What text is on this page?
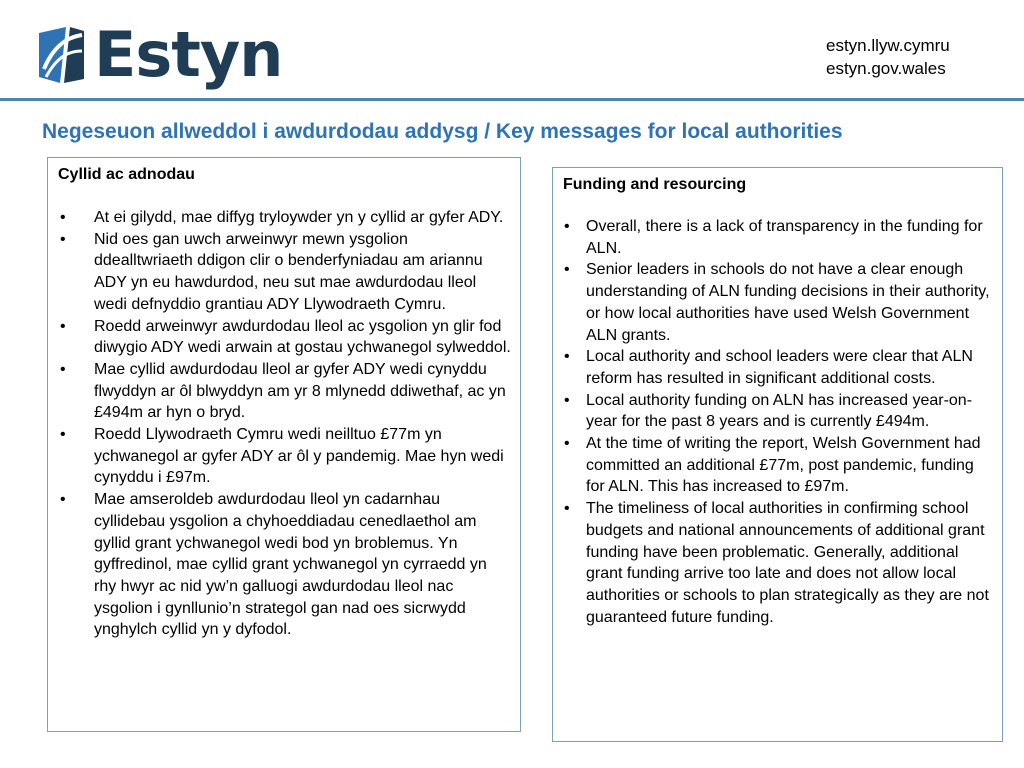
Estyn	estyn.llyw.cymru
estyn.gov.wales
Negeseuon allweddol i awdurdodau addysg / Key messages for local authorities
Cyllid ac adnodau
• At ei gilydd, mae diffyg tryloywder yn y cyllid ar gyfer ADY.
• Nid oes gan uwch arweinwyr mewn ysgolion ddealltwriaeth ddigon clir o benderfyniadau am ariannu ADY yn eu hawdurdod, neu sut mae awdurdodau lleol wedi defnyddio grantiau ADY Llywodraeth Cymru.
• Roedd arweinwyr awdurdodau lleol ac ysgolion yn glir fod diwygio ADY wedi arwain at gostau ychwanegol sylweddol.
• Mae cyllid awdurdodau lleol ar gyfer ADY wedi cynyddu flwyddyn ar ôl blwyddyn am yr 8 mlynedd ddiwethaf, ac yn £494m ar hyn o bryd.
• Roedd Llywodraeth Cymru wedi neilltuo £77m yn ychwanegol ar gyfer ADY ar ôl y pandemig. Mae hyn wedi cynyddu i £97m.
• Mae amseroldeb awdurdodau lleol yn cadarnhau cyllidebau ysgolion a chyhoeddiadau cenedlaethol am gyllid grant ychwanegol wedi bod yn broblemus. Yn gyffredinol, mae cyllid grant ychwanegol yn cyrraedd yn rhy hwyr ac nid yw’n galluogi awdurdodau lleol nac ysgolion i gynllunio’n strategol gan nad oes sicrwydd ynghylch cyllid yn y dyfodol.
Funding and resourcing
• Overall, there is a lack of transparency in the funding for ALN.
• Senior leaders in schools do not have a clear enough understanding of ALN funding decisions in their authority, or how local authorities have used Welsh Government ALN grants.
• Local authority and school leaders were clear that ALN reform has resulted in significant additional costs.
• Local authority funding on ALN has increased year-on-year for the past 8 years and is currently £494m.
• At the time of writing the report, Welsh Government had committed an additional £77m, post pandemic, funding for ALN. This has increased to £97m.
• The timeliness of local authorities in confirming school budgets and national announcements of additional grant funding have been problematic. Generally, additional grant funding arrive too late and does not allow local authorities or schools to plan strategically as they are not guaranteed future funding.
